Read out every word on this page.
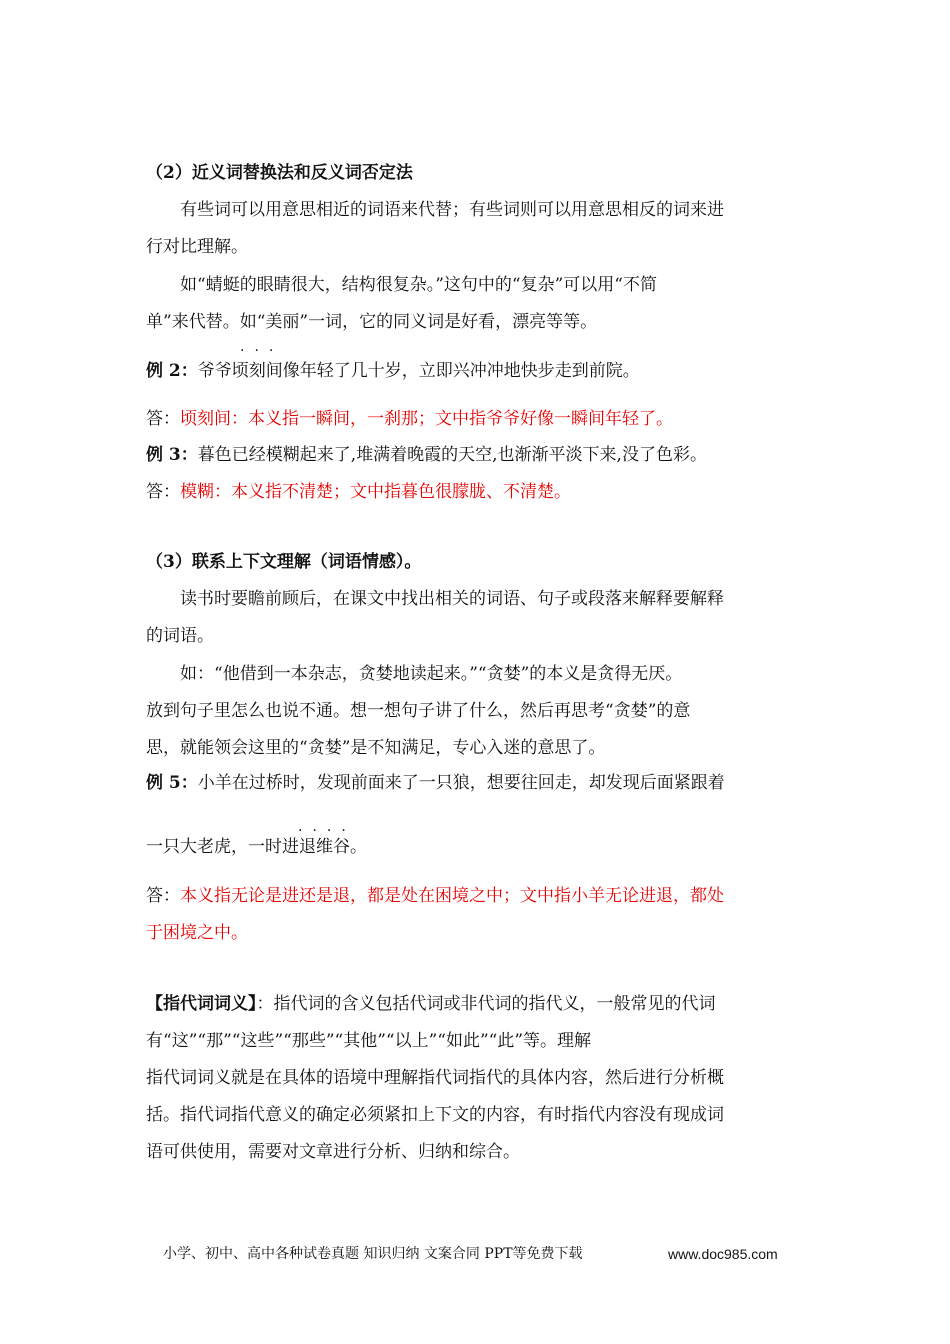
（2）近义词替换法和反义词否定法
有些词可以用意思相近的词语来代替；有些词则可以用意思相反的词来进
行对比理解。
如“蜻蜓的眼睛很大，结构很复杂。”这句中的“复杂”可以用“不简
单”来代替。如“美丽”一词，它的同义词是好看，漂亮等等。
...
例 2：爷爷顷刻间像年轻了几十岁，立即兴冲冲地快步走到前院。
答：顷刻间：本义指一瞬间，一刹那；文中指爷爷好像一瞬间年轻了。
例 3：暮色已经模糊起来了,堆满着晚霞的天空,也渐渐平淡下来,没了色彩。
答：模糊：本义指不清楚；文中指暮色很朦胧、不清楚。
（3）联系上下文理解（词语情感）。
读书时要瞻前顾后，在课文中找出相关的词语、句子或段落来解释要解释
的词语。
如：“他借到一本杂志，贪婪地读起来。”“贪婪”的本义是贪得无厌。
放到句子里怎么也说不通。想一想句子讲了什么，然后再思考“贪婪”的意
思，就能领会这里的“贪婪”是不知满足，专心入迷的意思了。
例 5：小羊在过桥时，发现前面来了一只狼，想要往回走，却发现后面紧跟着
....
一只大老虎，一时进退维谷。
答：本义指无论是进还是退，都是处在困境之中；文中指小羊无论进退，都处
于困境之中。
【指代词词义】：指代词的含义包括代词或非代词的指代义，一般常见的代词
有“这”“那”“这些”“那些”“其他”“以上”“如此”“此”等。理解
指代词词义就是在具体的语境中理解指代词指代的具体内容，然后进行分析概
括。指代词指代意义的确定必须紧扣上下文的内容，有时指代内容没有现成词
语可供使用，需要对文章进行分析、归纳和综合。
小学、初中、高中各种试卷真题 知识归纳 文案合同 PPT等免费下载	www.doc985.com
